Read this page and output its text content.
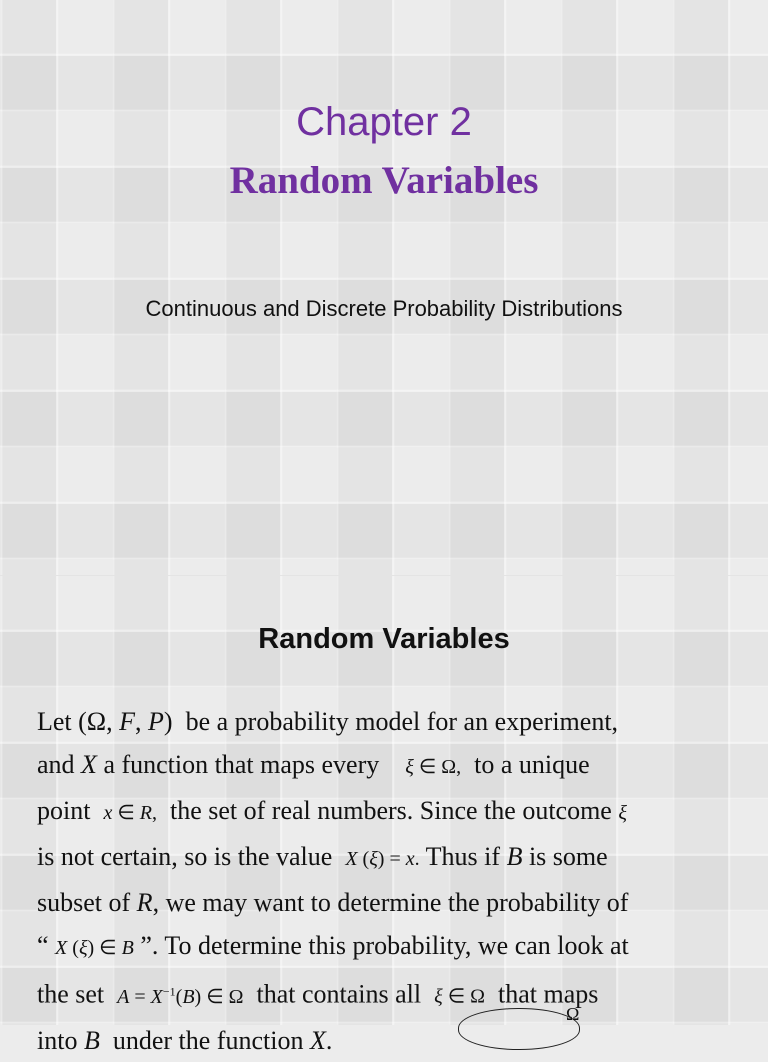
Chapter 2
Random Variables
Continuous and Discrete Probability Distributions
Random Variables
Let (Ω, F, P)  be a probability model for an experiment,
and X a function that maps every    ξ ∈ Ω,  to a unique
point  x ∈ R,  the set of real numbers. Since the outcome ξ
is not certain, so is the value  X (ξ) = x. Thus if B is some
subset of R, we may want to determine the probability of
“ X (ξ) ∈ B ”. To determine this probability, we can look at
the set  $A = X^{-1}(B)$ ∈ Ω  that contains all  ξ ∈ Ω  that maps
into B  under the function X.
Ω
